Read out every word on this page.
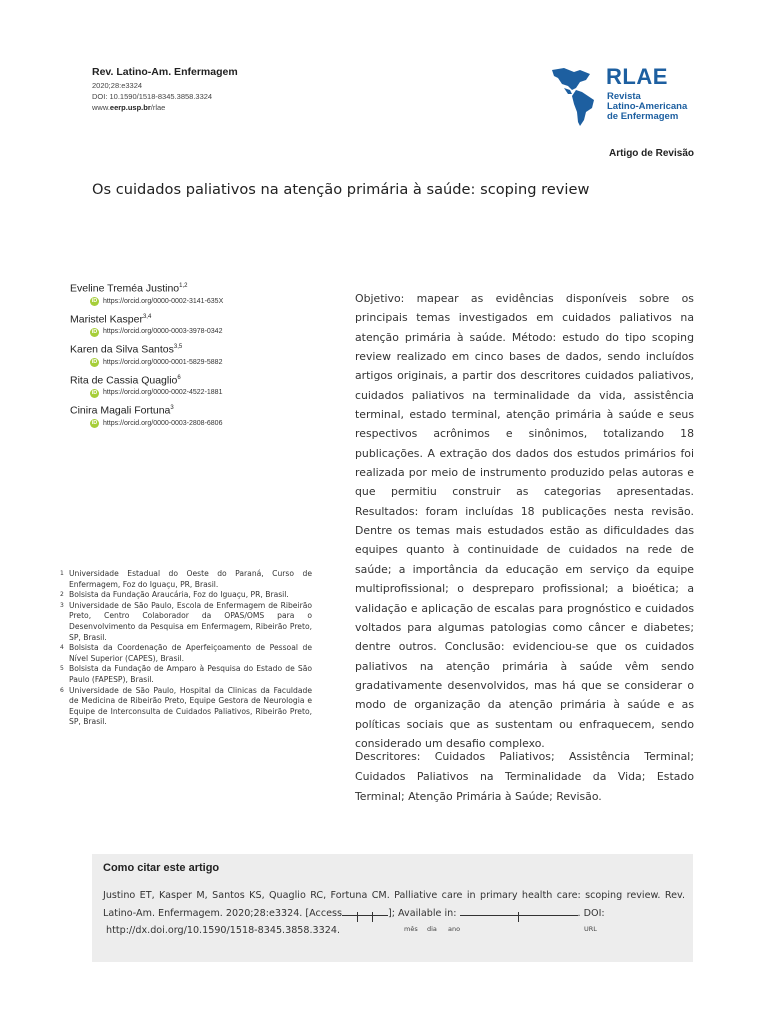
Rev. Latino-Am. Enfermagem
2020;28:e3324
DOI: 10.1590/1518-8345.3858.3324
www.eerp.usp.br/rlae
RLAE
Revista
Latino-Americana
de Enfermagem
Artigo de Revisão
Os cuidados paliativos na atenção primária à saúde: scoping review
Eveline Treméa Justino$^{1,2}$
iD https://orcid.org/0000-0002-3141-635X
Maristel Kasper$^{3,4}$
iD https://orcid.org/0000-0003-3978-0342
Karen da Silva Santos$^{3,5}$
iD https://orcid.org/0000-0001-5829-5882
Rita de Cassia Quaglio$^6$
iD https://orcid.org/0000-0002-4522-1881
Cinira Magali Fortuna$^3$
iD https://orcid.org/0000-0003-2808-6806
1 Universidade Estadual do Oeste do Paraná, Curso de Enfermagem, Foz do Iguaçu, PR, Brasil.
2 Bolsista da Fundação Araucária, Foz do Iguaçu, PR, Brasil.
3 Universidade de São Paulo, Escola de Enfermagem de Ribeirão Preto, Centro Colaborador da OPAS/OMS para o Desenvolvimento da Pesquisa em Enfermagem, Ribeirão Preto, SP, Brasil.
4 Bolsista da Coordenação de Aperfeiçoamento de Pessoal de Nível Superior (CAPES), Brasil.
5 Bolsista da Fundação de Amparo à Pesquisa do Estado de São Paulo (FAPESP), Brasil.
6 Universidade de São Paulo, Hospital da Clinicas da Faculdade de Medicina de Ribeirão Preto, Equipe Gestora de Neurologia e Equipe de Interconsulta de Cuidados Paliativos, Ribeirão Preto, SP, Brasil.
Objetivo: mapear as evidências disponíveis sobre os principais temas investigados em cuidados paliativos na atenção primária à saúde. Método: estudo do tipo scoping review realizado em cinco bases de dados, sendo incluídos artigos originais, a partir dos descritores cuidados paliativos, cuidados paliativos na terminalidade da vida, assistência terminal, estado terminal, atenção primária à saúde e seus respectivos acrônimos e sinônimos, totalizando 18 publicações. A extração dos dados dos estudos primários foi realizada por meio de instrumento produzido pelas autoras e que permitiu construir as categorias apresentadas. Resultados: foram incluídas 18 publicações nesta revisão. Dentre os temas mais estudados estão as dificuldades das equipes quanto à continuidade de cuidados na rede de saúde; a importância da educação em serviço da equipe multiprofissional; o despreparo profissional; a bioética; a validação e aplicação de escalas para prognóstico e cuidados voltados para algumas patologias como câncer e diabetes; dentre outros. Conclusão: evidenciou-se que os cuidados paliativos na atenção primária à saúde vêm sendo gradativamente desenvolvidos, mas há que se considerar o modo de organização da atenção primária à saúde e as políticas sociais que as sustentam ou enfraquecem, sendo considerado um desafio complexo.
Descritores: Cuidados Paliativos; Assistência Terminal; Cuidados Paliativos na Terminalidade da Vida; Estado Terminal; Atenção Primária à Saúde; Revisão.
Como citar este artigo
Justino ET, Kasper M, Santos KS, Quaglio RC, Fortuna CM. Palliative care in primary health care: scoping review. Rev. Latino-Am. Enfermagem. 2020;28:e3324. [Access	]; Available in:	. DOI:
http://dx.doi.org/10.1590/1518-8345.3858.3324.	mês dia ano	URL
